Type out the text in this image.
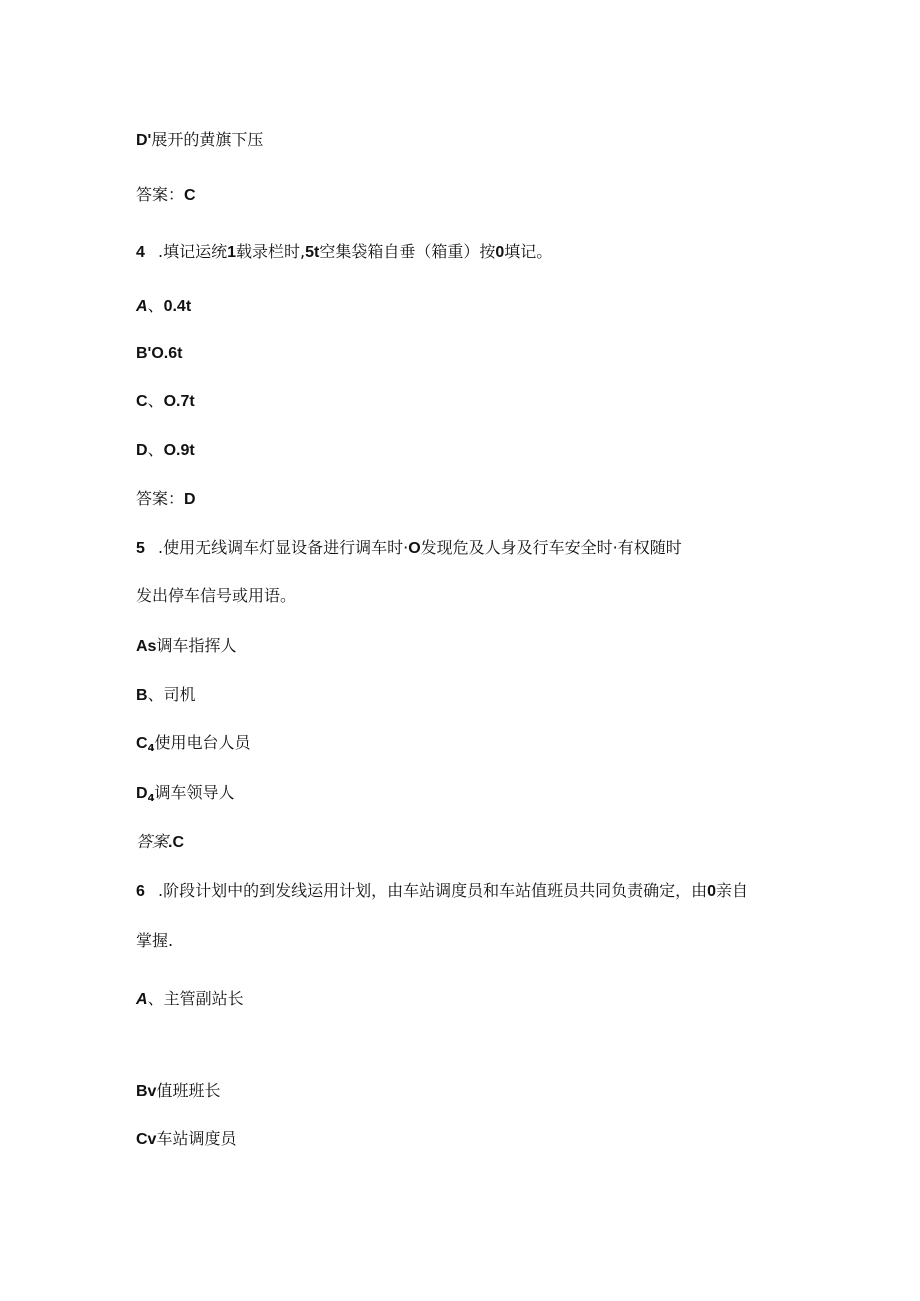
D'展开的黄旗下压

答案：C

4 .填记运统1载录栏时,5t空集袋箱自垂（箱重）按0填记。

A、0.4t

B'O.6t

C、O.7t

D、O.9t

答案：D

5 .使用无线调车灯显设备进行调车时·O发现危及人身及行车安全时·有权随时

发出停车信号或用语。

As调车指挥人

B、司机

$C_4$使用电台人员

$D_4$调车领导人

答案.C

6 .阶段计划中的到发线运用计划，由车站调度员和车站值班员共同负责确定，由0亲自

掌握.

A、主管副站长

Bv值班班长

Cv车站调度员
